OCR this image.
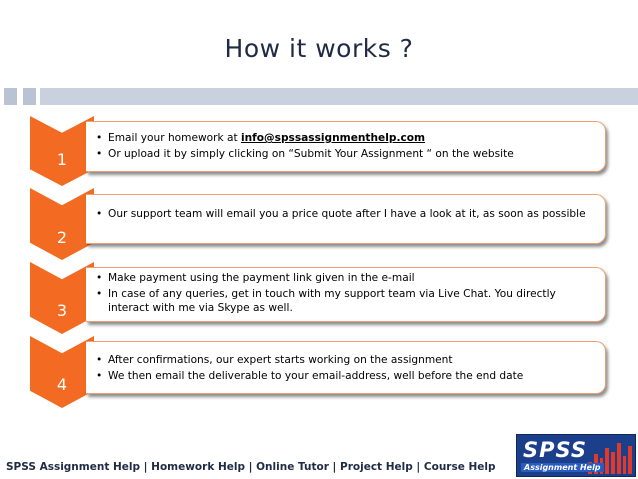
How it works ?
1
• Email your homework at info@spssassignmenthelp.com
• Or upload it by simply clicking on “Submit Your Assignment “ on the website
2
• Our support team will email you a price quote after I have a look at it, as soon as possible
3
• Make payment using the payment link given in the e-mail
• In case of any queries, get in touch with my support team via Live Chat. You directly interact with me via Skype as well.
4
• After confirmations, our expert starts working on the assignment
• We then email the deliverable to your email-address, well before the end date
SPSS Assignment Help | Homework Help | Online Tutor | Project Help | Course Help
SPSS
Assignment Help
